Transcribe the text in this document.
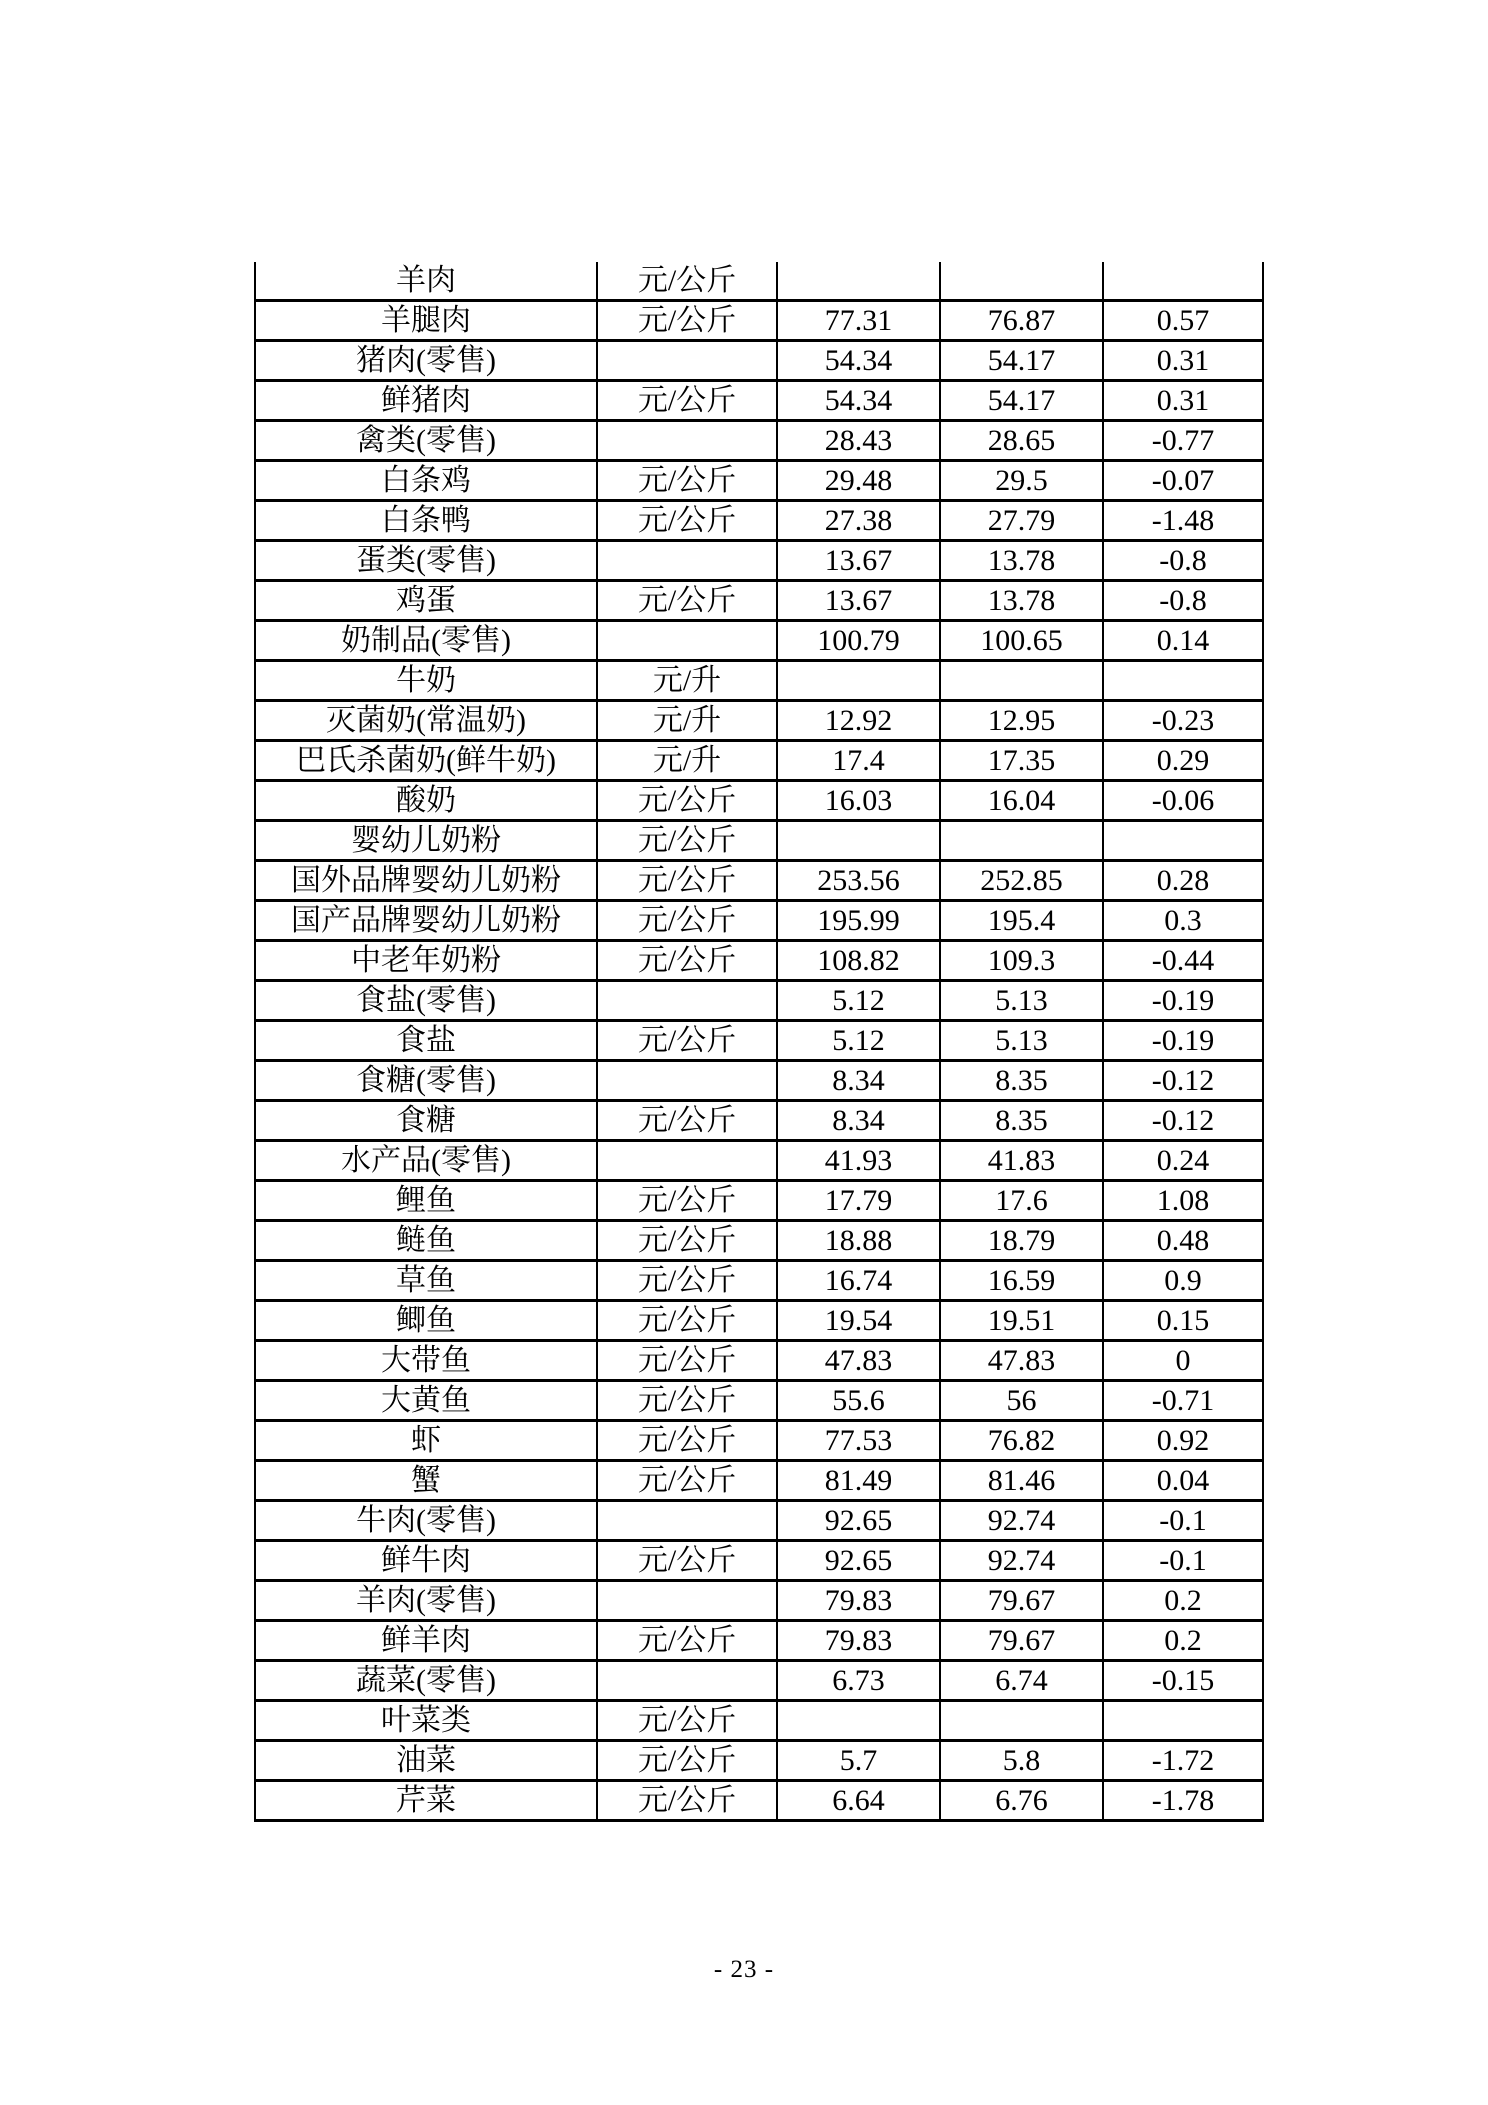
羊肉	元/公斤			
羊腿肉	元/公斤	77.31	76.87	0.57
猪肉(零售)		54.34	54.17	0.31
鲜猪肉	元/公斤	54.34	54.17	0.31
禽类(零售)		28.43	28.65	-0.77
白条鸡	元/公斤	29.48	29.5	-0.07
白条鸭	元/公斤	27.38	27.79	-1.48
蛋类(零售)		13.67	13.78	-0.8
鸡蛋	元/公斤	13.67	13.78	-0.8
奶制品(零售)		100.79	100.65	0.14
牛奶	元/升			
灭菌奶(常温奶)	元/升	12.92	12.95	-0.23
巴氏杀菌奶(鲜牛奶)	元/升	17.4	17.35	0.29
酸奶	元/公斤	16.03	16.04	-0.06
婴幼儿奶粉	元/公斤			
国外品牌婴幼儿奶粉	元/公斤	253.56	252.85	0.28
国产品牌婴幼儿奶粉	元/公斤	195.99	195.4	0.3
中老年奶粉	元/公斤	108.82	109.3	-0.44
食盐(零售)		5.12	5.13	-0.19
食盐	元/公斤	5.12	5.13	-0.19
食糖(零售)		8.34	8.35	-0.12
食糖	元/公斤	8.34	8.35	-0.12
水产品(零售)		41.93	41.83	0.24
鲤鱼	元/公斤	17.79	17.6	1.08
鲢鱼	元/公斤	18.88	18.79	0.48
草鱼	元/公斤	16.74	16.59	0.9
鲫鱼	元/公斤	19.54	19.51	0.15
大带鱼	元/公斤	47.83	47.83	0
大黄鱼	元/公斤	55.6	56	-0.71
虾	元/公斤	77.53	76.82	0.92
蟹	元/公斤	81.49	81.46	0.04
牛肉(零售)		92.65	92.74	-0.1
鲜牛肉	元/公斤	92.65	92.74	-0.1
羊肉(零售)		79.83	79.67	0.2
鲜羊肉	元/公斤	79.83	79.67	0.2
蔬菜(零售)		6.73	6.74	-0.15
叶菜类	元/公斤			
油菜	元/公斤	5.7	5.8	-1.72
芹菜	元/公斤	6.64	6.76	-1.78
- 23 -
